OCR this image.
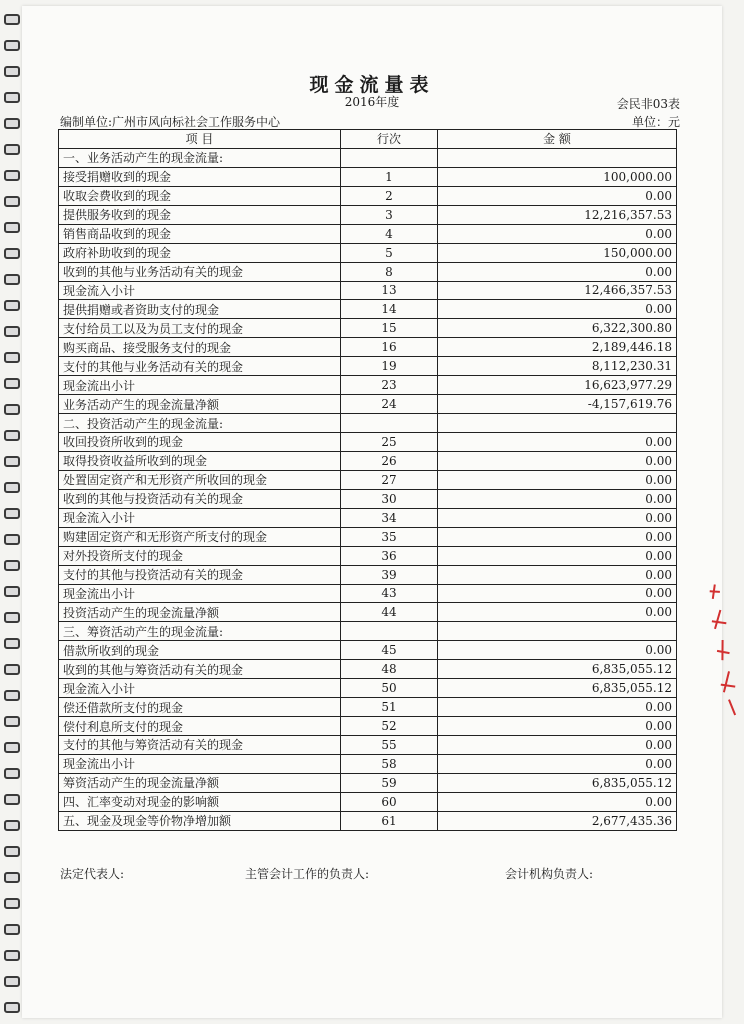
现金流量表
2016年度	会民非03表
编制单位:广州市风向标社会工作服务中心	单位：元
项 目	行次	金 额
一、业务活动产生的现金流量:		
接受捐赠收到的现金	1	100,000.00
收取会费收到的现金	2	0.00
提供服务收到的现金	3	12,216,357.53
销售商品收到的现金	4	0.00
政府补助收到的现金	5	150,000.00
收到的其他与业务活动有关的现金	8	0.00
现金流入小计	13	12,466,357.53
提供捐赠或者资助支付的现金	14	0.00
支付给员工以及为员工支付的现金	15	6,322,300.80
购买商品、接受服务支付的现金	16	2,189,446.18
支付的其他与业务活动有关的现金	19	8,112,230.31
现金流出小计	23	16,623,977.29
业务活动产生的现金流量净额	24	-4,157,619.76
二、投资活动产生的现金流量:		
收回投资所收到的现金	25	0.00
取得投资收益所收到的现金	26	0.00
处置固定资产和无形资产所收回的现金	27	0.00
收到的其他与投资活动有关的现金	30	0.00
现金流入小计	34	0.00
购建固定资产和无形资产所支付的现金	35	0.00
对外投资所支付的现金	36	0.00
支付的其他与投资活动有关的现金	39	0.00
现金流出小计	43	0.00
投资活动产生的现金流量净额	44	0.00
三、筹资活动产生的现金流量:		
借款所收到的现金	45	0.00
收到的其他与筹资活动有关的现金	48	6,835,055.12
现金流入小计	50	6,835,055.12
偿还借款所支付的现金	51	0.00
偿付利息所支付的现金	52	0.00
支付的其他与筹资活动有关的现金	55	0.00
现金流出小计	58	0.00
筹资活动产生的现金流量净额	59	6,835,055.12
四、汇率变动对现金的影响额	60	0.00
五、现金及现金等价物净增加额	61	2,677,435.36
法定代表人:	主管会计工作的负责人:	会计机构负责人:
